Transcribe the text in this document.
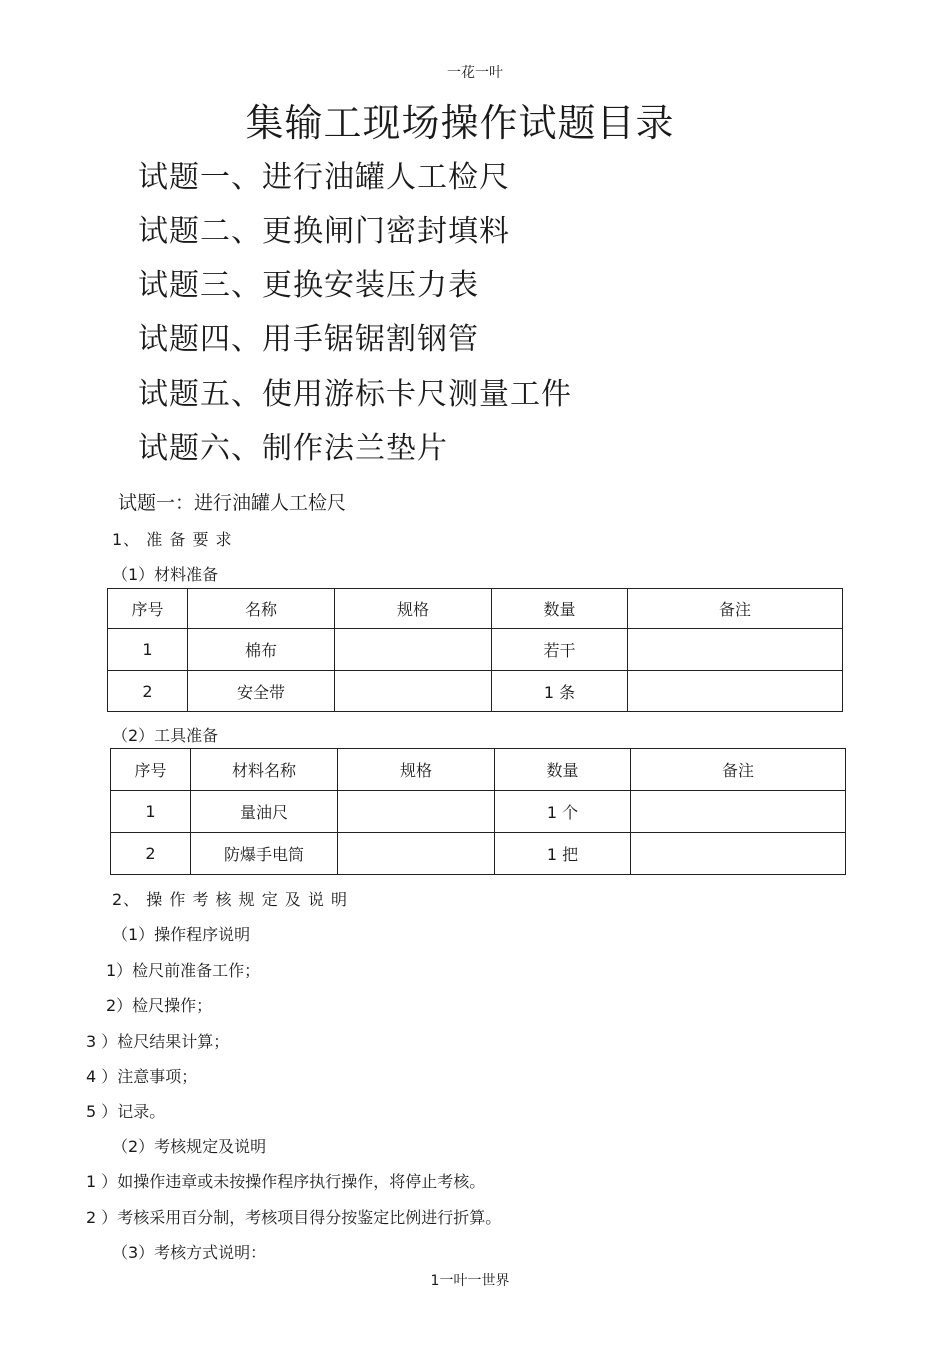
一花一叶
集输工现场操作试题目录
试题一、进行油罐人工检尺
试题二、更换闸门密封填料
试题三、更换安装压力表
试题四、用手锯锯割钢管
试题五、使用游标卡尺测量工件
试题六、制作法兰垫片
试题一：进行油罐人工检尺
1、 准 备 要 求
（1）材料准备
序号	名称	规格	数量	备注
1	棉布		若干	
2	安全带		1 条	
（2）工具准备
序号	材料名称	规格	数量	备注
1	量油尺		1 个	
2	防爆手电筒		1 把	
2、 操 作 考 核 规 定 及 说 明
（1）操作程序说明
1）检尺前准备工作；
2）检尺操作；
3 ）检尺结果计算；
4 ）注意事项；
5 ）记录。
（2）考核规定及说明
1 ）如操作违章或未按操作程序执行操作，将停止考核。
2 ）考核采用百分制，考核项目得分按鉴定比例进行折算。
（3）考核方式说明：
1一叶一世界
